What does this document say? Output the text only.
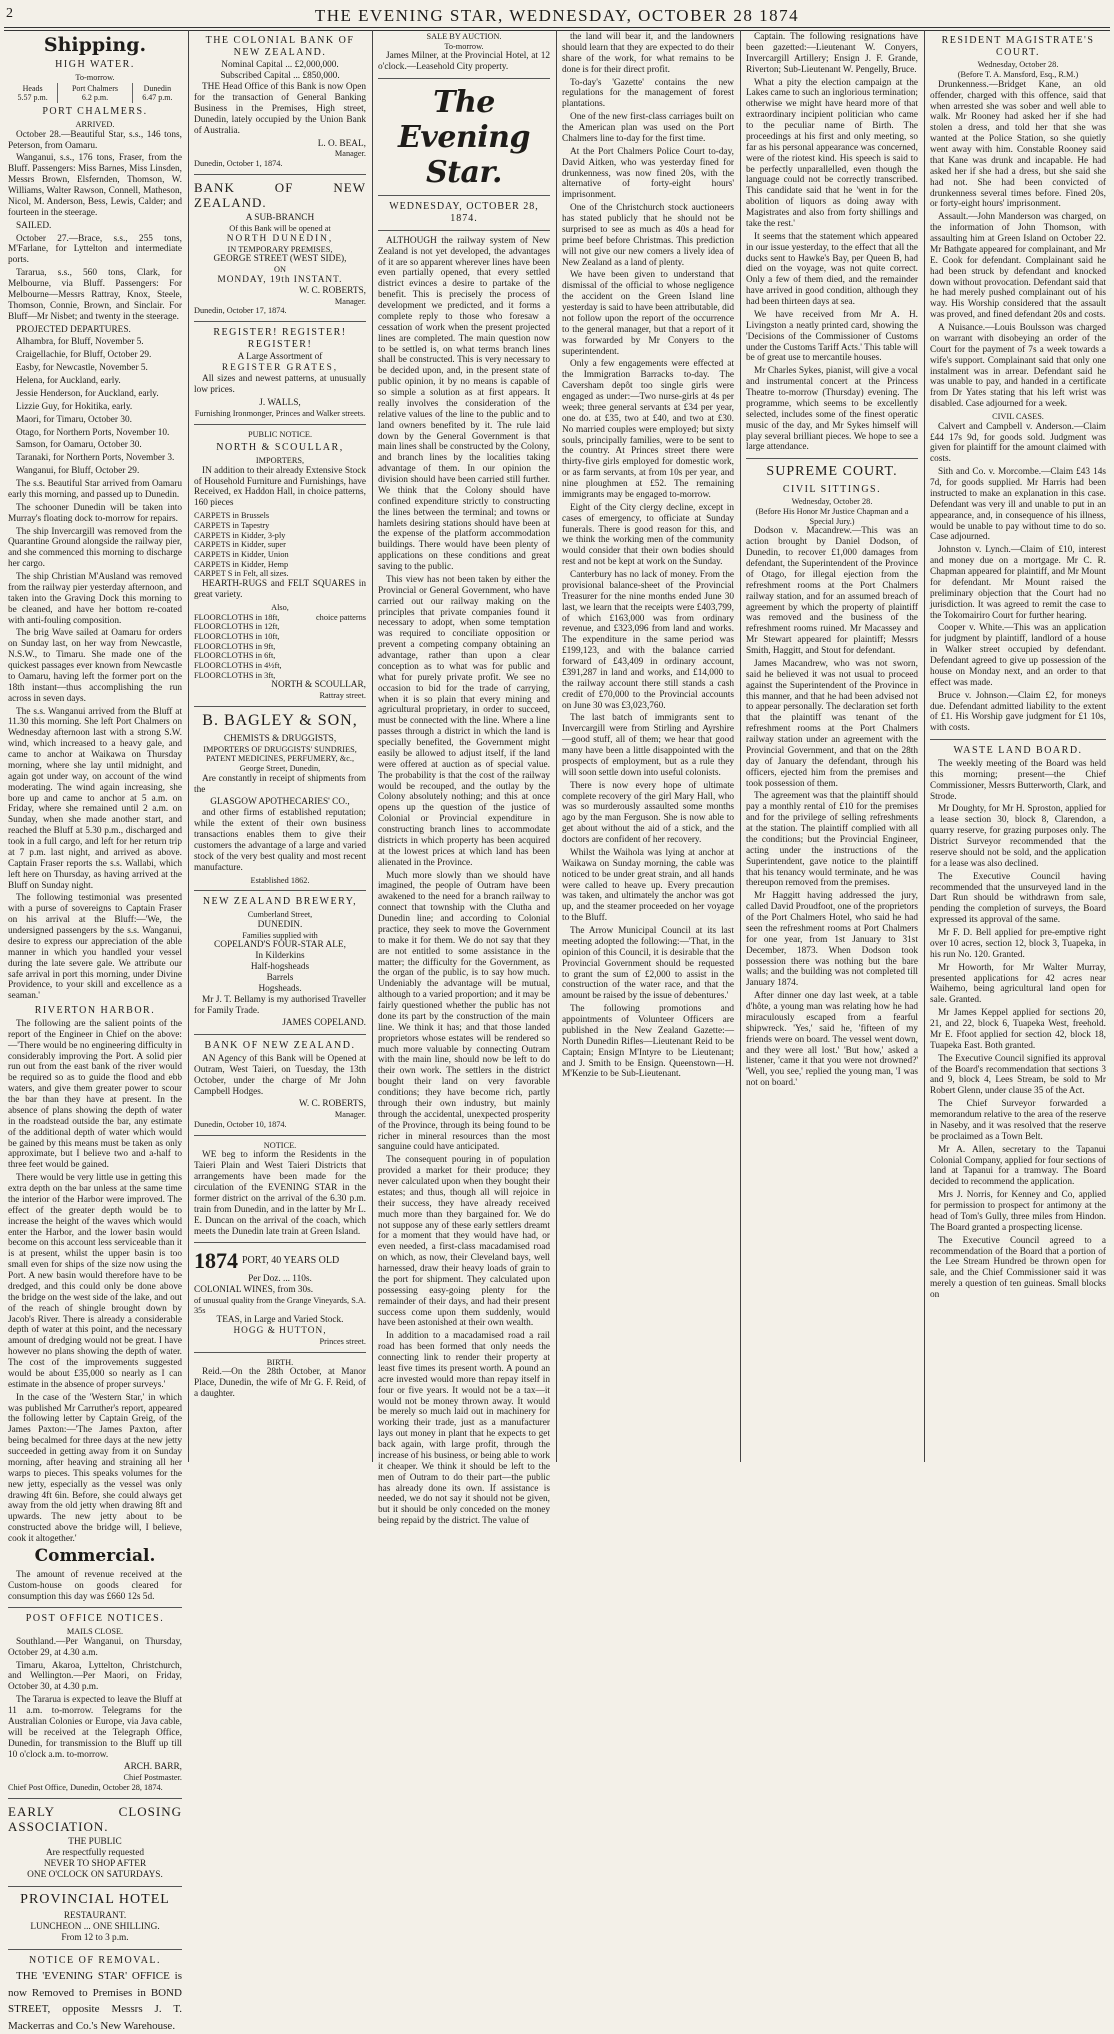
2	THE EVENING STAR, WEDNESDAY, OCTOBER 28 1874
Shipping.
HIGH WATER.
To-morrow.
Heads
5.57 p.m.

Port Chalmers
6.2 p.m.

Dunedin
6.47 p.m.
PORT CHALMERS.
ARRIVED.

October 28.—Beautiful Star, s.s., 146 tons, Peterson, from Oamaru.

Wanganui, s.s., 176 tons, Fraser, from the Bluff. Passengers: Miss Barnes, Miss Linsden, Messrs Brown, Elsfernden, Thomson, W. Williams, Walter Rawson, Connell, Matheson, Nicol, M. Anderson, Bess, Lewis, Calder; and fourteen in the steerage.

SAILED.

October 27.—Brace, s.s., 255 tons, M'Farlane, for Lyttelton and intermediate ports.

Tararua, s.s., 560 tons, Clark, for Melbourne, via Bluff. Passengers: For Melbourne—Messrs Rattray, Knox, Steele, Thomson, Connie, Brown, and Sinclair. For Bluff—Mr Nisbet; and twenty in the steerage.

PROJECTED DEPARTURES.

Alhambra, for Bluff, November 5.

Craigellachie, for Bluff, October 29.

Easby, for Newcastle, November 5.

Helena, for Auckland, early.

Jessie Henderson, for Auckland, early.

Lizzie Guy, for Hokitika, early.

Maori, for Timaru, October 30.

Otago, for Northern Ports, November 10.

Samson, for Oamaru, October 30.

Taranaki, for Northern Ports, November 3.

Wanganui, for Bluff, October 29.

The s.s. Beautiful Star arrived from Oamaru early this morning, and passed up to Dunedin.

The schooner Dunedin will be taken into Murray's floating dock to-morrow for repairs.

The ship Invercargill was removed from the Quarantine Ground alongside the railway pier, and she commenced this morning to discharge her cargo.

The ship Christian M'Ausland was removed from the railway pier yesterday afternoon, and taken into the Graving Dock this morning to be cleaned, and have her bottom re-coated with anti-fouling composition.

The brig Wave sailed at Oamaru for orders on Sunday last, on her way from Newcastle, N.S.W., to Timaru. She made one of the quickest passages ever known from Newcastle to Oamaru, having left the former port on the 18th instant—thus accomplishing the run across in seven days.

The s.s. Wanganui arrived from the Bluff at 11.30 this morning. She left Port Chalmers on Wednesday afternoon last with a strong S.W. wind, which increased to a heavy gale, and came to anchor at Waikawa on Thursday morning, where she lay until midnight, and again got under way, on account of the wind moderating. The wind again increasing, she bore up and came to anchor at 5 a.m. on Friday, where she remained until 2 a.m. on Sunday, when she made another start, and reached the Bluff at 5.30 p.m., discharged and took in a full cargo, and left for her return trip at 7 p.m. last night, and arrived as above. Captain Fraser reports the s.s. Wallabi, which left here on Thursday, as having arrived at the Bluff on Sunday night.

The following testimonial was presented with a purse of sovereigns to Captain Fraser on his arrival at the Bluff:—'We, the undersigned passengers by the s.s. Wanganui, desire to express our appreciation of the able manner in which you handled your vessel during the late severe gale. We attribute our safe arrival in port this morning, under Divine Providence, to your skill and excellence as a seaman.'

RIVERTON HARBOR.

The following are the salient points of the report of the Engineer in Chief on the above:—'There would be no engineering difficulty in considerably improving the Port. A solid pier run out from the east bank of the river would be required so as to guide the flood and ebb waters, and give them greater power to scour the bar than they have at present. In the absence of plans showing the depth of water in the roadstead outside the bar, any estimate of the additional depth of water which would be gained by this means must be taken as only approximate, but I believe two and a-half to three feet would be gained.

There would be very little use in getting this extra depth on the bar unless at the same time the interior of the Harbor were improved. The effect of the greater depth would be to increase the height of the waves which would enter the Harbor, and the lower basin would become on this account less serviceable than it is at present, whilst the upper basin is too small even for ships of the size now using the Port. A new basin would therefore have to be dredged, and this could only be done above the bridge on the west side of the lake, and out of the reach of shingle brought down by Jacob's River. There is already a considerable depth of water at this point, and the necessary amount of dredging would not be great. I have however no plans showing the depth of water. The cost of the improvements suggested would be about £35,000 so nearly as I can estimate in the absence of proper surveys.'

In the case of the 'Western Star,' in which was published Mr Carruther's report, appeared the following letter by Captain Greig, of the James Paxton:—'The James Paxton, after being becalmed for three days at the new jetty succeeded in getting away from it on Sunday morning, after heaving and straining all her warps to pieces. This speaks volumes for the new jetty, especially as the vessel was only drawing 4ft 6in. Before, she could always get away from the old jetty when drawing 8ft and upwards. The new jetty about to be constructed above the bridge will, I believe, cook it altogether.'

Commercial.

The amount of revenue received at the Custom-house on goods cleared for consumption this day was £660 12s 5d.

POST OFFICE NOTICES.
MAILS CLOSE.

Southland.—Per Wanganui, on Thursday, October 29, at 4.30 a.m.

Timaru, Akaroa, Lyttelton, Christchurch, and Wellington.—Per Maori, on Friday, October 30, at 4.30 p.m.

The Tararua is expected to leave the Bluff at 11 a.m. to-morrow. Telegrams for the Australian Colonies or Europe, via Java cable, will be received at the Telegraph Office, Dunedin, for transmission to the Bluff up till 10 o'clock a.m. to-morrow.

ARCH. BARR,
Chief Postmaster.
Chief Post Office, Dunedin, October 28, 1874.
EARLY CLOSING ASSOCIATION.
THE PUBLIC
Are respectfully requested
NEVER TO SHOP AFTER
ONE O'CLOCK ON SATURDAYS.
PROVINCIAL HOTEL
RESTAURANT.
LUNCHEON ... ONE SHILLING.
From 12 to 3 p.m.
NOTICE OF REMOVAL.

THE 'EVENING STAR' OFFICE is now Removed to Premises in BOND STREET, opposite Messrs J. T. Mackerras and Co.'s New Warehouse.

THE COLONIAL BANK OF NEW ZEALAND.
Nominal Capital ... £2,000,000.
Subscribed Capital ... £850,000.

THE Head Office of this Bank is now Open for the transaction of General Banking Business in the Premises, High street, Dunedin, lately occupied by the Union Bank of Australia.

L. O. BEAL,
Manager.
Dunedin, October 1, 1874.
BANK OF NEW ZEALAND.
A SUB-BRANCH
Of this Bank will be opened at
NORTH DUNEDIN,
IN TEMPORARY PREMISES,
GEORGE STREET (WEST SIDE),
ON
MONDAY, 19th INSTANT.
W. C. ROBERTS,
Manager.
Dunedin, October 17, 1874.
REGISTER! REGISTER! REGISTER!
A Large Assortment of
REGISTER GRATES,

All sizes and newest patterns, at unusually low prices.

J. WALLS,
Furnishing Ironmonger, Princes and Walker streets.
PUBLIC NOTICE.
NORTH & SCOULLAR,
IMPORTERS,

IN addition to their already Extensive Stock of Household Furniture and Furnishings, have Received, ex Haddon Hall, in choice patterns, 160 pieces

CARPETS in Brussels
CARPETS in Tapestry
CARPETS in Kidder, 3-ply
CARPETS in Kidder, super
CARPETS in Kidder, Union
CARPETS in Kidder, Hemp
CARPET S in Felt, all sizes.

HEARTH-RUGS and FELT SQUARES in great variety.

Also,
FLOORCLOTHS in 18ft,	choice patterns
FLOORCLOTHS in 12ft,
FLOORCLOTHS in 10ft,
FLOORCLOTHS in 9ft,
FLOORCLOTHS in 6ft,
FLOORCLOTHS in 4½ft,
FLOORCLOTHS in 3ft,
NORTH & SCOULLAR,
Rattray street.
B. BAGLEY & SON,
CHEMISTS & DRUGGISTS,
IMPORTERS OF DRUGGISTS' SUNDRIES, PATENT MEDICINES, PERFUMERY, &c.,
George Street, Dunedin,

Are constantly in receipt of shipments from the

GLASGOW APOTHECARIES' CO.,

and other firms of established reputation; while the extent of their own business transactions enables them to give their customers the advantage of a large and varied stock of the very best quality and most recent manufacture.

Established 1862.
NEW ZEALAND BREWERY,
Cumberland Street,
DUNEDIN.
Families supplied with
COPELAND'S FOUR-STAR ALE,
In Kilderkins
Half-hogsheads
Barrels
Hogsheads.

Mr J. T. Bellamy is my authorised Traveller for Family Trade.

JAMES COPELAND.
BANK OF NEW ZEALAND.

AN Agency of this Bank will be Opened at Outram, West Taieri, on Tuesday, the 13th October, under the charge of Mr John Campbell Hodges.

W. C. ROBERTS,
Manager.
Dunedin, October 10, 1874.
NOTICE.

WE beg to inform the Residents in the Taieri Plain and West Taieri Districts that arrangements have been made for the circulation of the EVENING STAR in the former district on the arrival of the 6.30 p.m. train from Dunedin, and in the latter by Mr L. E. Duncan on the arrival of the coach, which meets the Dunedin late train at Green Island.

1874 PORT, 40 YEARS OLD
Per Doz. ... 110s.
COLONIAL WINES, from 30s.
of unusual quality from the Grange Vineyards, S.A. 35s
TEAS, in Large and Varied Stock.
HOGG & HUTTON,
Princes street.
BIRTH.

Reid.—On the 28th October, at Manor Place, Dunedin, the wife of Mr G. F. Reid, of a daughter.

SALE BY AUCTION.
To-morrow.

James Milner, at the Provincial Hotel, at 12 o'clock.—Leasehold City property.

The Evening Star.
WEDNESDAY, OCTOBER 28, 1874.

ALTHOUGH the railway system of New Zealand is not yet developed, the advantages of it are so apparent wherever lines have been even partially opened, that every settled district evinces a desire to partake of the benefit. This is precisely the process of development we predicted, and it forms a complete reply to those who foresaw a cessation of work when the present projected lines are completed. The main question now to be settled is, on what terms branch lines shall be constructed. This is very necessary to be decided upon, and, in the present state of public opinion, it by no means is capable of so simple a solution as at first appears. It really involves the consideration of the relative values of the line to the public and to land owners benefited by it. The rule laid down by the General Government is that main lines shall be constructed by the Colony, and branch lines by the localities taking advantage of them. In our opinion the division should have been carried still further. We think that the Colony should have confined expenditure strictly to constructing the lines between the terminal; and towns or hamlets desiring stations should have been at the expense of the platform accommodation buildings. There would have been plenty of applications on these conditions and great saving to the public.

This view has not been taken by either the Provincial or General Government, who have carried out our railway making on the principles that private companies found it necessary to adopt, when some temptation was required to conciliate opposition or prevent a competing company obtaining an advantage, rather than upon a clear conception as to what was for public and what for purely private profit. We see no occasion to bid for the trade of carrying, when it is so plain that every mining and agricultural proprietary, in order to succeed, must be connected with the line. Where a line passes through a district in which the land is specially benefited, the Government might easily be allowed to adjust itself, if the land were offered at auction as of special value. The probability is that the cost of the railway would be recouped, and the outlay by the Colony absolutely nothing; and this at once opens up the question of the justice of Colonial or Provincial expenditure in constructing branch lines to accommodate districts in which property has been acquired at the lowest prices at which land has been alienated in the Province.

Much more slowly than we should have imagined, the people of Outram have been awakened to the need for a branch railway to connect that township with the Clutha and Dunedin line; and according to Colonial practice, they seek to move the Government to make it for them. We do not say that they are not entitled to some assistance in the matter; the difficulty for the Government, as the organ of the public, is to say how much. Undeniably the advantage will be mutual, although to a varied proportion; and it may be fairly questioned whether the public has not done its part by the construction of the main line. We think it has; and that those landed proprietors whose estates will be rendered so much more valuable by connecting Outram with the main line, should now be left to do their own work. The settlers in the district bought their land on very favorable conditions; they have become rich, partly through their own industry, but mainly through the accidental, unexpected prosperity of the Province, through its being found to be richer in mineral resources than the most sanguine could have anticipated.

The consequent pouring in of population provided a market for their produce; they never calculated upon when they bought their estates; and thus, though all will rejoice in their success, they have already received much more than they bargained for. We do not suppose any of these early settlers dreamt for a moment that they would have had, or even needed, a first-class macadamised road on which, as now, their Cleveland bays, well harnessed, draw their heavy loads of grain to the port for shipment. They calculated upon possessing easy-going plenty for the remainder of their days, and had their present success come upon them suddenly, would have been astonished at their own wealth.

In addition to a macadamised road a rail road has been formed that only needs the connecting link to render their property at least five times its present worth. A pound an acre invested would more than repay itself in four or five years. It would not be a tax—it would not be money thrown away. It would be merely so much laid out in machinery for working their trade, just as a manufacturer lays out money in plant that he expects to get back again, with large profit, through the increase of his business, or being able to work it cheaper. We think it should be left to the men of Outram to do their part—the public has already done its own. If assistance is needed, we do not say it should not be given, but it should be only conceded on the money being repaid by the district. The value of

the land will bear it, and the landowners should learn that they are expected to do their share of the work, for what remains to be done is for their direct profit.

To-day's 'Gazette' contains the new regulations for the management of forest plantations.

One of the new first-class carriages built on the American plan was used on the Port Chalmers line to-day for the first time.

At the Port Chalmers Police Court to-day, David Aitken, who was yesterday fined for drunkenness, was now fined 20s, with the alternative of forty-eight hours' imprisonment.

One of the Christchurch stock auctioneers has stated publicly that he should not be surprised to see as much as 40s a head for prime beef before Christmas. This prediction will not give our new comers a lively idea of New Zealand as a land of plenty.

We have been given to understand that dismissal of the official to whose negligence the accident on the Green Island line yesterday is said to have been attributable, did not follow upon the report of the occurrence to the general manager, but that a report of it was forwarded by Mr Conyers to the superintendent.

Only a few engagements were effected at the Immigration Barracks to-day. The Caversham depôt too single girls were engaged as under:—Two nurse-girls at 4s per week; three general servants at £34 per year, one do. at £35, two at £40, and two at £30. No married couples were employed; but sixty souls, principally families, were to be sent to the country. At Princes street there were thirty-five girls employed for domestic work, or as farm servants, at from 10s per year, and nine ploughmen at £52. The remaining immigrants may be engaged to-morrow.

Eight of the City clergy decline, except in cases of emergency, to officiate at Sunday funerals. There is good reason for this, and we think the working men of the community would consider that their own bodies should rest and not be kept at work on the Sunday.

Canterbury has no lack of money. From the provisional balance-sheet of the Provincial Treasurer for the nine months ended June 30 last, we learn that the receipts were £403,799, of which £163,000 was from ordinary revenue, and £323,096 from land and works. The expenditure in the same period was £199,123, and with the balance carried forward of £43,409 in ordinary account, £391,287 in land and works, and £14,000 to the railway account there still stands a cash credit of £70,000 to the Provincial accounts on June 30 was £3,023,760.

The last batch of immigrants sent to Invercargill were from Stirling and Ayrshire—good stuff, all of them; we hear that good many have been a little disappointed with the prospects of employment, but as a rule they will soon settle down into useful colonists.

There is now every hope of ultimate complete recovery of the girl Mary Hall, who was so murderously assaulted some months ago by the man Ferguson. She is now able to get about without the aid of a stick, and the doctors are confident of her recovery.

Whilst the Waihola was lying at anchor at Waikawa on Sunday morning, the cable was noticed to be under great strain, and all hands were called to heave up. Every precaution was taken, and ultimately the anchor was got up, and the steamer proceeded on her voyage to the Bluff.

The Arrow Municipal Council at its last meeting adopted the following:—'That, in the opinion of this Council, it is desirable that the Provincial Government should be requested to grant the sum of £2,000 to assist in the construction of the water race, and that the amount be raised by the issue of debentures.'

The following promotions and appointments of Volunteer Officers are published in the New Zealand Gazette:—North Dunedin Rifles—Lieutenant Reid to be Captain; Ensign M'Intyre to be Lieutenant; and J. Smith to be Ensign. Queenstown—H. M'Kenzie to be Sub-Lieutenant.

Captain. The following resignations have been gazetted:—Lieutenant W. Conyers, Invercargill Artillery; Ensign J. F. Grande, Riverton; Sub-Lieutenant W. Pengelly, Bruce.

What a pity the election campaign at the Lakes came to such an inglorious termination; otherwise we might have heard more of that extraordinary incipient politician who came to the peculiar name of Birth. The proceedings at his first and only meeting, so far as his personal appearance was concerned, were of the riotest kind. His speech is said to be perfectly unparallelled, even though the language could not be correctly transcribed. This candidate said that he 'went in for the abolition of liquors as doing away with Magistrates and also from forty shillings and take the rest.'

It seems that the statement which appeared in our issue yesterday, to the effect that all the ducks sent to Hawke's Bay, per Queen B, had died on the voyage, was not quite correct. Only a few of them died, and the remainder have arrived in good condition, although they had been thirteen days at sea.

We have received from Mr A. H. Livingston a neatly printed card, showing the 'Decisions of the Commissioner of Customs under the Customs Tariff Acts.' This table will be of great use to mercantile houses.

Mr Charles Sykes, pianist, will give a vocal and instrumental concert at the Princess Theatre to-morrow (Thursday) evening. The programme, which seems to be excellently selected, includes some of the finest operatic music of the day, and Mr Sykes himself will play several brilliant pieces. We hope to see a large attendance.

SUPREME COURT.
CIVIL SITTINGS.
Wednesday, October 28.
(Before His Honor Mr Justice Chapman and a Special Jury.)

Dodson v. Macandrew.—This was an action brought by Daniel Dodson, of Dunedin, to recover £1,000 damages from defendant, the Superintendent of the Province of Otago, for illegal ejection from the refreshment rooms at the Port Chalmers railway station, and for an assumed breach of agreement by which the property of plaintiff was removed and the business of the refreshment rooms ruined. Mr Macassey and Mr Stewart appeared for plaintiff; Messrs Smith, Haggitt, and Stout for defendant.

James Macandrew, who was not sworn, said he believed it was not usual to proceed against the Superintendent of the Province in this manner, and that he had been advised not to appear personally. The declaration set forth that the plaintiff was tenant of the refreshment rooms at the Port Chalmers railway station under an agreement with the Provincial Government, and that on the 28th day of January the defendant, through his officers, ejected him from the premises and took possession of them.

The agreement was that the plaintiff should pay a monthly rental of £10 for the premises and for the privilege of selling refreshments at the station. The plaintiff complied with all the conditions; but the Provincial Engineer, acting under the instructions of the Superintendent, gave notice to the plaintiff that his tenancy would terminate, and he was thereupon removed from the premises.

Mr Haggitt having addressed the jury, called David Proudfoot, one of the proprietors of the Port Chalmers Hotel, who said he had seen the refreshment rooms at Port Chalmers for one year, from 1st January to 31st December, 1873. When Dodson took possession there was nothing but the bare walls; and the building was not completed till January 1874.

After dinner one day last week, at a table d'hôte, a young man was relating how he had miraculously escaped from a fearful shipwreck. 'Yes,' said he, 'fifteen of my friends were on board. The vessel went down, and they were all lost.' 'But how,' asked a listener, 'came it that you were not drowned?' 'Well, you see,' replied the young man, 'I was not on board.'

RESIDENT MAGISTRATE'S COURT.
Wednesday, October 28.
(Before T. A. Mansford, Esq., R.M.)

Drunkenness.—Bridget Kane, an old offender, charged with this offence, said that when arrested she was sober and well able to walk. Mr Rooney had asked her if she had stolen a dress, and told her that she was wanted at the Police Station, so she quietly went away with him. Constable Rooney said that Kane was drunk and incapable. He had asked her if she had a dress, but she said she had not. She had been convicted of drunkenness several times before. Fined 20s, or forty-eight hours' imprisonment.

Assault.—John Manderson was charged, on the information of John Thomson, with assaulting him at Green Island on October 22. Mr Bathgate appeared for complainant, and Mr E. Cook for defendant. Complainant said he had been struck by defendant and knocked down without provocation. Defendant said that he had merely pushed complainant out of his way. His Worship considered that the assault was proved, and fined defendant 20s and costs.

A Nuisance.—Louis Boulsson was charged on warrant with disobeying an order of the Court for the payment of 7s a week towards a wife's support. Complainant said that only one instalment was in arrear. Defendant said he was unable to pay, and handed in a certificate from Dr Yates stating that his left wrist was disabled. Case adjourned for a week.

CIVIL CASES.

Calvert and Campbell v. Anderson.—Claim £44 17s 9d, for goods sold. Judgment was given for plaintiff for the amount claimed with costs.

Sith and Co. v. Morcombe.—Claim £43 14s 7d, for goods supplied. Mr Harris had been instructed to make an explanation in this case. Defendant was very ill and unable to put in an appearance, and, in consequence of his illness, would be unable to pay without time to do so. Case adjourned.

Johnston v. Lynch.—Claim of £10, interest and money due on a mortgage. Mr C. R. Chapman appeared for plaintiff, and Mr Mount for defendant. Mr Mount raised the preliminary objection that the Court had no jurisdiction. It was agreed to remit the case to the Tokomairiro Court for further hearing.

Cooper v. White.—This was an application for judgment by plaintiff, landlord of a house in Walker street occupied by defendant. Defendant agreed to give up possession of the house on Monday next, and an order to that effect was made.

Bruce v. Johnson.—Claim £2, for moneys due. Defendant admitted liability to the extent of £1. His Worship gave judgment for £1 10s, with costs.

WASTE LAND BOARD.

The weekly meeting of the Board was held this morning; present—the Chief Commissioner, Messrs Butterworth, Clark, and Strode.

Mr Doughty, for Mr H. Sproston, applied for a lease section 30, block 8, Clarendon, a quarry reserve, for grazing purposes only. The District Surveyor recommended that the reserve should not be sold, and the application for a lease was also declined.

The Executive Council having recommended that the unsurveyed land in the Dart Run should be withdrawn from sale, pending the completion of surveys, the Board expressed its approval of the same.

Mr F. D. Bell applied for pre-emptive right over 10 acres, section 12, block 3, Tuapeka, in his run No. 120. Granted.

Mr Howorth, for Mr Walter Murray, presented applications for 42 acres near Waihemo, being agricultural land open for sale. Granted.

Mr James Keppel applied for sections 20, 21, and 22, block 6, Tuapeka West, freehold. Mr E. Ffoot applied for section 42, block 18, Tuapeka East. Both granted.

The Executive Council signified its approval of the Board's recommendation that sections 3 and 9, block 4, Lees Stream, be sold to Mr Robert Glenn, under clause 35 of the Act.

The Chief Surveyor forwarded a memorandum relative to the area of the reserve in Naseby, and it was resolved that the reserve be proclaimed as a Town Belt.

Mr A. Allen, secretary to the Tapanui Colonial Company, applied for four sections of land at Tapanui for a tramway. The Board decided to recommend the application.

Mrs J. Norris, for Kenney and Co, applied for permission to prospect for antimony at the head of Tom's Gully, three miles from Hindon. The Board granted a prospecting license.

The Executive Council agreed to a recommendation of the Board that a portion of the Lee Stream Hundred be thrown open for sale, and the Chief Commissioner said it was merely a question of ten guineas. Small blocks on
